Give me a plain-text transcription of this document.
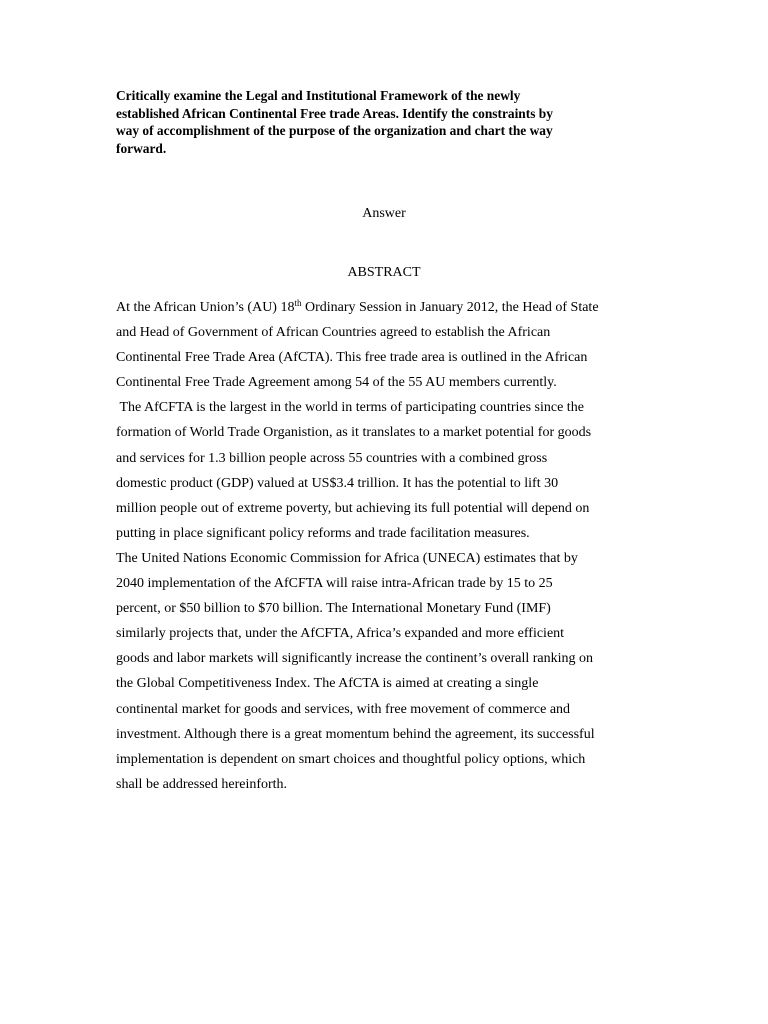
Critically examine the Legal and Institutional Framework of the newly
established African Continental Free trade Areas. Identify the constraints by
way of accomplishment of the purpose of the organization and chart the way
forward.
Answer
ABSTRACT
At the African Union’s (AU) 18th Ordinary Session in January 2012, the Head of State
and Head of Government of African Countries agreed to establish the African
Continental Free Trade Area (AfCTA). This free trade area is outlined in the African
Continental Free Trade Agreement among 54 of the 55 AU members currently.
The AfCFTA is the largest in the world in terms of participating countries since the
formation of World Trade Organistion, as it translates to a market potential for goods
and services for 1.3 billion people across 55 countries with a combined gross
domestic product (GDP) valued at US$3.4 trillion. It has the potential to lift 30
million people out of extreme poverty, but achieving its full potential will depend on
putting in place significant policy reforms and trade facilitation measures.
The United Nations Economic Commission for Africa (UNECA) estimates that by
2040 implementation of the AfCFTA will raise intra-African trade by 15 to 25
percent, or $50 billion to $70 billion. The International Monetary Fund (IMF)
similarly projects that, under the AfCFTA, Africa’s expanded and more efficient
goods and labor markets will significantly increase the continent’s overall ranking on
the Global Competitiveness Index. The AfCTA is aimed at creating a single
continental market for goods and services, with free movement of commerce and
investment. Although there is a great momentum behind the agreement, its successful
implementation is dependent on smart choices and thoughtful policy options, which
shall be addressed hereinforth.
